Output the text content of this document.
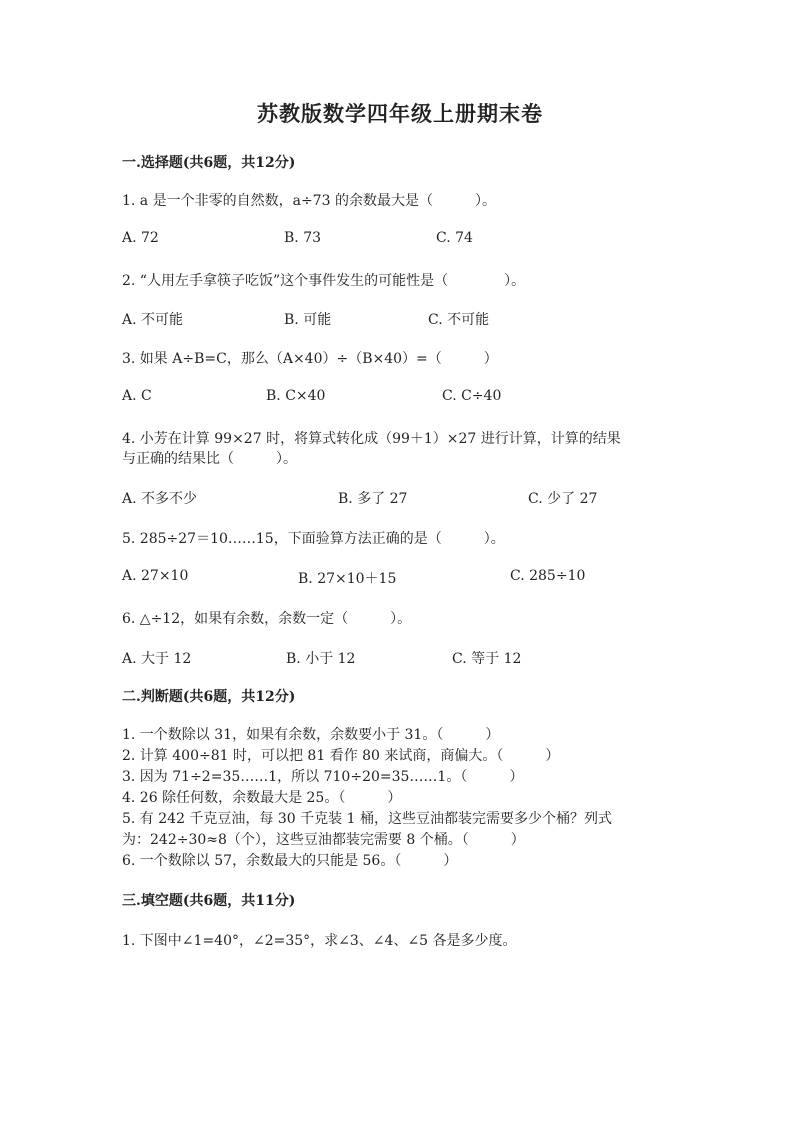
苏教版数学四年级上册期末卷
一.选择题(共6题，共12分)
1. a 是一个非零的自然数，a÷73 的余数最大是（　　　）。
A. 72	B. 73	C. 74
2. “人用左手拿筷子吃饭”这个事件发生的可能性是（　　　　）。
A. 不可能	B. 可能	C. 不可能
3. 如果 A÷B=C，那么（A×40）÷（B×40）=（　　　）
A. C	B. C×40	C. C÷40
4. 小芳在计算 99×27 时，将算式转化成（99＋1）×27 进行计算，计算的结果
与正确的结果比（　　　）。
A. 不多不少	B. 多了 27	C. 少了 27
5. 285÷27＝10……15，下面验算方法正确的是（　　　）。
A. 27×10	B. 27×10＋15	C. 285÷10
6. △÷12，如果有余数，余数一定（　　　）。
A. 大于 12	B. 小于 12	C. 等于 12
二.判断题(共6题，共12分)
1. 一个数除以 31，如果有余数，余数要小于 31。（　　　）
2. 计算 400÷81 时，可以把 81 看作 80 来试商，商偏大。（　　　）
3. 因为 71÷2=35……1，所以 710÷20=35……1。（　　　）
4. 26 除任何数，余数最大是 25。（　　　）
5. 有 242 千克豆油，每 30 千克装 1 桶，这些豆油都装完需要多少个桶？列式
为：242÷30≈8（个），这些豆油都装完需要 8 个桶。（　　　）
6. 一个数除以 57，余数最大的只能是 56。（　　　）
三.填空题(共6题，共11分)
1. 下图中∠1=40°，∠2=35°，求∠3、∠4、∠5 各是多少度。
